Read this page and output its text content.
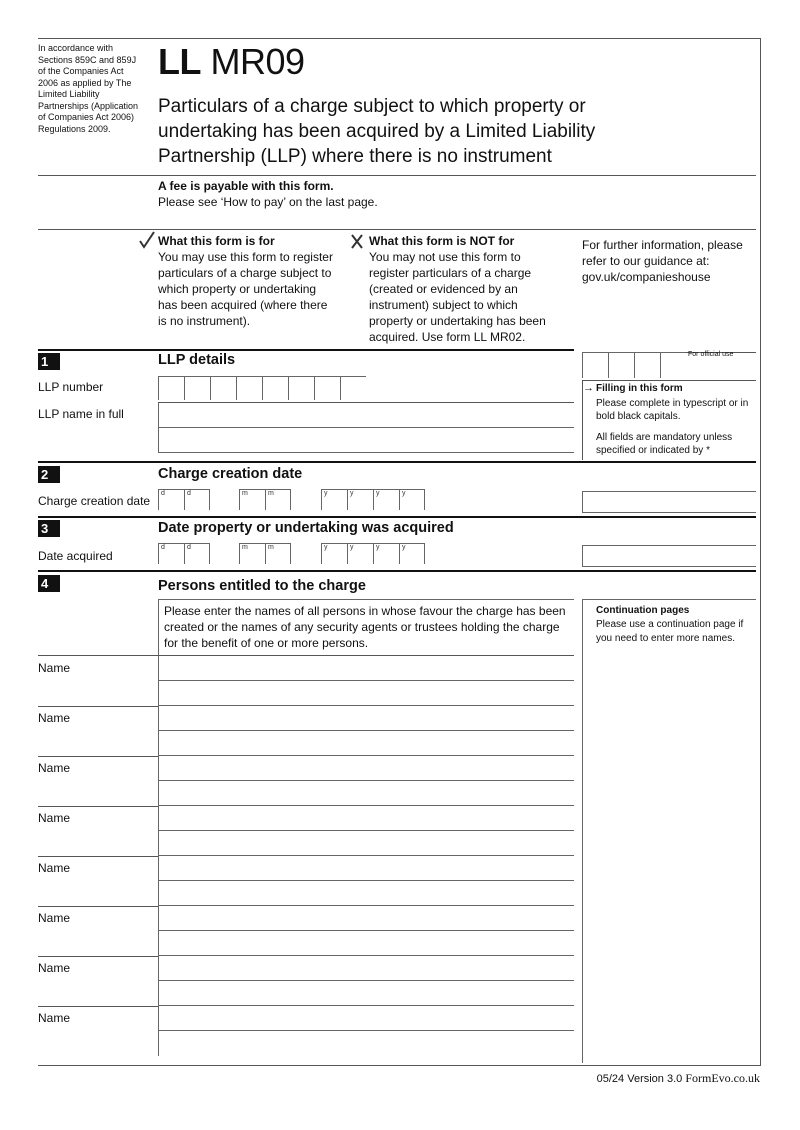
In accordance with Sections 859C and 859J of the Companies Act 2006 as applied by The Limited Liability Partnerships (Application of Companies Act 2006) Regulations 2009.
LL MR09
Particulars of a charge subject to which property or undertaking has been acquired by a Limited Liability Partnership (LLP) where there is no instrument
A fee is payable with this form.
Please see ‘How to pay’ on the last page.
What this form is for
You may use this form to register particulars of a charge subject to which property or undertaking has been acquired (where there is no instrument).
What this form is NOT for
You may not use this form to register particulars of a charge (created or evidenced by an instrument) subject to which property or undertaking has been acquired. Use form LL MR02.
For further information, please refer to our guidance at: gov.uk/companieshouse
1	LLP details
LLP number
LLP name in full
For official use
→ Filling in this form
Please complete in typescript or in bold black capitals.
All fields are mandatory unless specified or indicated by *
2	Charge creation date
Charge creation date
d	d	m	m	y	y	y	y
3	Date property or undertaking was acquired
Date acquired
d	d	m	m	y	y	y	y
4	Persons entitled to the charge
Please enter the names of all persons in whose favour the charge has been created or the names of any security agents or trustees holding the charge for the benefit of one or more persons.
Continuation pages
Please use a continuation page if you need to enter more names.
Name
Name
Name
Name
Name
Name
Name
Name
05/24 Version 3.0 FormEvo.co.uk
